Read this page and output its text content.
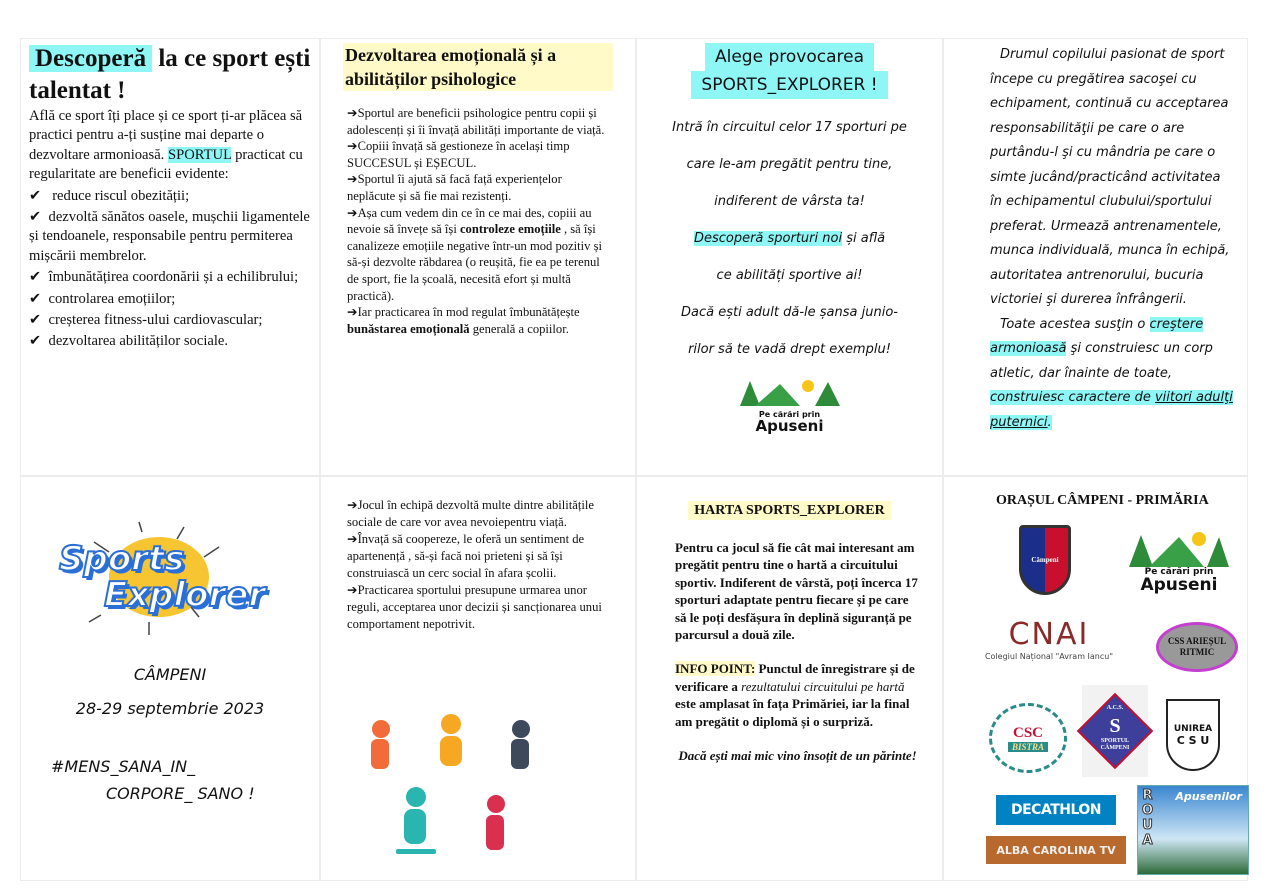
Descoperă la ce sport ești talentat !

Află ce sport îți place și ce sport ți-ar plăcea să practici pentru a-ți susține mai departe o dezvoltare armonioasă. SPORTUL practicat cu regularitate are beneficii evidente:

✔ reduce riscul obezității;

✔ dezvoltă sănătos oasele, mușchii ligamentele și tendoanele, responsabile pentru permiterea mișcării membrelor.

✔ îmbunătățirea coordonării și a echilibrului;

✔ controlarea emoțiilor;

✔ creșterea fitness-ului cardiovascular;

✔ dezvoltarea abilităților sociale.

Dezvoltarea emoțională și a abilităților psihologice

➔Sportul are beneficii psihologice pentru copii și adolescenți și îi învață abilități importante de viață.

➔Copiii învață să gestioneze în același timp SUCCESUL și EȘECUL.

➔Sportul îi ajută să facă față experiențelor neplăcute și să fie mai rezistenți.

➔Așa cum vedem din ce în ce mai des, copiii au nevoie să învețe să își controleze emoțiile , să își canalizeze emoțiile negative într-un mod pozitiv și să-și dezvolte răbdarea (o reușită, fie ea pe terenul de sport, fie la școală, necesită efort și multă practică).

➔Iar practicarea în mod regulat îmbunătățește bunăstarea emoțională generală a copiilor.

Alege provocarea
SPORTS_EXPLORER !

Intră în circuitul celor 17 sporturi pe

care le-am pregătit pentru tine,

indiferent de vârsta ta!

Descoperă sporturi noi și află

ce abilități sportive ai!

Dacă ești adult dă-le șansa junio-

rilor să te vadă drept exemplu!

Pe cărări prin
Apuseni

Drumul copilului pasionat de sport începe cu pregătirea sacoşei cu echipament, continuă cu acceptarea responsabilităţii pe care o are purtându-l şi cu mândria pe care o simte jucând/practicând activitatea în echipamentul clubului/sportului preferat. Urmează antrenamentele, munca individuală, munca în echipă, autoritatea antrenorului, bucuria victoriei şi durerea înfrângerii.

Toate acestea susţin o creştere armonioasă şi construiesc un corp atletic, dar înainte de toate, construiesc caractere de viitori adulţi puternici.

Sports
Explorer

CÂMPENI

28-29 septembrie 2023

#MENS_SANA_IN_

CORPORE_ SANO !

➔Jocul în echipă dezvoltă multe dintre abilitățile sociale de care vor avea nevoiepentru viață.

➔Învață să coopereze, le oferă un sentiment de apartenență , să-și facă noi prieteni și să își construiască un cerc social în afara școlii.

➔Practicarea sportului presupune urmarea unor reguli, acceptarea unor decizii și sancționarea unui comportament nepotrivit.

HARTA SPORTS_EXPLORER

Pentru ca jocul să fie cât mai interesant am pregătit pentru tine o hartă a circuitului sportiv. Indiferent de vârstă, poți încerca 17 sporturi adaptate pentru fiecare și pe care să le poți desfășura în deplină siguranță pe parcursul a două zile.

INFO POINT: Punctul de înregistrare și de verificare a rezultatului circuitului pe hartă este amplasat în fața Primăriei, iar la final am pregătit o diplomă și o surpriză.

Dacă ești mai mic vino însoțit de un părinte!

ORAȘUL CÂMPENI - PRIMĂRIA

Câmpeni
Pe cărări prin
Apuseni
CNAI
Colegiul Național "Avram Iancu"
CSS ARIEȘUL RITMIC
CSC
BISTRA
S
A.C.S.
SPORTUL CÂMPENI
UNIREA
C S U
DECATHLON
ALBA CAROLINA TV
ROUA Apusenilor
